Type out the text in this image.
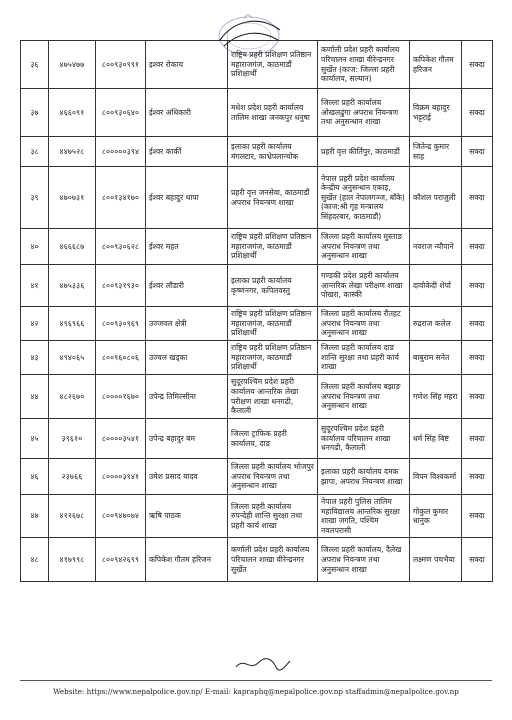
३६	४७५४७७	८००९३०९९१	इश्वर रोकाय	राष्ट्रिय प्रहरी प्रशिक्षण प्रतिष्ठान महाराजगंज, काठमाडौं प्रशिक्षार्थी	कर्णाली प्रदेश प्रहरी कार्यालय परिचालन शाखा वीरेन्द्रनगर सुर्खेत (काज: जिल्ला प्रहरी कार्यालय, सल्यान)	कपिकेश गौतम हरिजन	सक्दा
३७	४६६०९१	८००९३०६४०	ईश्वर अधिकारी	मधेश प्रदेश प्रहरी कार्यालय तालिम शाखा जनकपुर धनुषा	जिल्ला प्रहरी कार्यालय ओखलढुंगा अपराध नियन्त्रण तथा अनुसन्धान शाखा	विक्रम बहादुर भट्टराई	सक्दा
३८	४४७५२८	८०००००३९४	ईश्वर कार्की	इलाका प्रहरी कार्यालय मंगलटार, काभ्रेपलान्चोक	प्रहरी वृत्त कीर्तिपुर, काठमाडौं	जितेन्द्र कुमार साह	सक्दा
३९	४७०७३१	८००१३४१७०	ईश्वर बहादुर थापा	प्रहरी वृत्त जनसेवा, काठमाडौं अपराध नियन्त्रण शाखा	नेपाल प्रहरी प्रदेश कार्यालय केन्द्रीय अनुसन्धान एकाइ, सुर्खेत (हाल नेपालगञ्ज, बाँके) (काज:श्री गृह मन्त्रालय सिंहदरबार, काठमाडौं)	कौशल पराजुली	सक्दा
४०	४६६६८७	८००९३०६२८	ईश्वर महत	राष्ट्रिय प्रहरी प्रशिक्षण प्रतिष्ठान महाराजगंज, काठमाडौं प्रशिक्षार्थी	जिल्ला प्रहरी कार्यालय मुस्ताङ अपराध नियन्त्रण तथा अनुसन्धान शाखा	नवराज न्यौपाने	सक्दा
४१	४७५३३६	८००९३१९३०	ईश्वर लौडारी	इलाका प्रहरी कार्यालय कृष्णनगर, कपिलवस्तु	गण्डकी प्रदेश प्रहरी कार्यालय आन्तरिक लेखा परीक्षण शाखा पोखरा, कास्की	दावोकेदी शेर्पा	सक्दा
४२	४९६९६६	८००९३०९६९	उज्जवल क्षेत्री	राष्ट्रिय प्रहरी प्रशिक्षण प्रतिष्ठान महाराजगंज, काठमाडौं प्रशिक्षार्थी	जिल्ला प्रहरी कार्यालय रौतहट अपराध नियन्त्रण तथा अनुसन्धान शाखा	रुद्रराज कलेल	सक्दा
४३	४९४०६५	८००९६०८०६	उज्वल खड्का	राष्ट्रिय प्रहरी प्रशिक्षण प्रतिष्ठान महाराजगंज, काठमाडौं प्रशिक्षार्थी	जिल्ला प्रहरी कार्यालय दाङ शान्ति सुरक्षा तथा प्रहरी कार्य शाखा	बाबुराम सनेत	सक्दा
४४	४८२६७०	८००००१६७०	उपेन्द्र तिमिल्सीना	सुदूरपश्चिम प्रदेश प्रहरी कार्यालय आन्तरिक लेखा परीक्षण शाखा धनगढी, कैलाली	जिल्ला प्रहरी कार्यालय बझाङ अपराध नियन्त्रण तथा अनुसन्धान शाखा	गणेश सिंह महरा	सक्दा
४५	३९६१०	८००००३५४१	उपेन्द्र बहादुर बम	जिल्ला ट्राफिक प्रहरी कार्यालय, दाङ	सुदूरपश्चिम प्रदेश प्रहरी कार्यालय परिचालन शाखा धनगढी, कैलाली	धर्म सिंह बिष्ट	सक्दा
४६	२३७६६	८००००३९४१	उमेश प्रसाद यादव	जिल्ला प्रहरी कार्यालय भोजपुर अपराध नियन्त्रण तथा अनुसन्धान शाखा	इलाका प्रहरी कार्यालय दमक झापा, अपराध नियन्त्रण शाखा	विपन विश्वकर्मा	सक्दा
४७	४१२६७८	८००९४७०७४	ऋषि पाठक	जिल्ला प्रहरी कार्यालय रुपन्देही शान्ति सुरक्षा तथा प्रहरी कार्य शाखा	नेपाल प्रहरी पुलिस तालिम महाविद्यालय आन्तरिक सुरक्षा शाखा जगति, पश्चिम नवलपरासी	गोकुल कुमार धानुक	सक्दा
४८	४१७९९८	८००९४२६९९	कपिकेश गौतम हरिजन	कर्णाली प्रदेश प्रहरी कार्यालय परिचालन शाखा वीरेन्द्रनगर सुर्खेत	जिल्ला प्रहरी कार्यालय, दैलेख अपराध नियन्त्रण तथा अनुसन्धान शाखा	लक्ष्मण पचभैया	सक्दा
Website: https://www.nepalpolice.gov.np/ E-mail: kapraphq@nepalpolice.gov.np staffadmin@nepalpolice.gov.np
